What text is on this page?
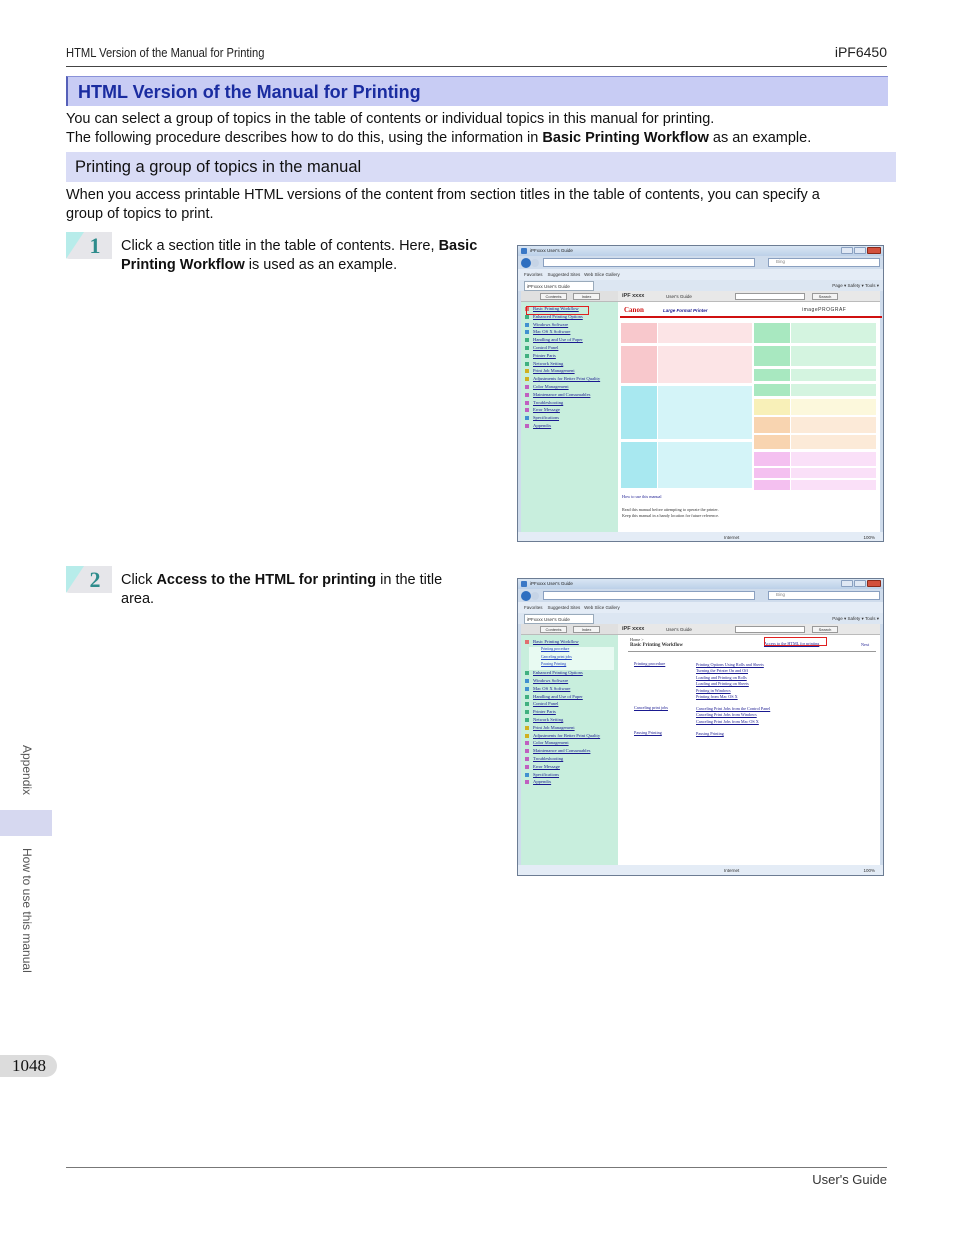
HTML Version of the Manual for Printing	iPF6450
HTML Version of the Manual for Printing
You can select a group of topics in the table of contents or individual topics in this manual for printing.
The following procedure describes how to do this, using the information in Basic Printing Workflow as an example.
Printing a group of topics in the manual
When you access printable HTML versions of the content from section titles in the table of contents, you can specify a
group of topics to print.
1	Click a section title in the table of contents. Here, Basic
Printing Workflow is used as an example.
2	Click Access to the HTML for printing in the title
area.
iPFxxxx User's Guide
Bing
Favorites Suggested Sites Web Slice Gallery
iPFxxxx User's Guide	Page ▾ Safety ▾ Tools ▾
Contents	Index
Basic Printing Workflow
Enhanced Printing Options
Windows Software
Mac OS X Software
Handling and Use of Paper
Control Panel
Printer Parts
Network Setting
Print Job Management
Adjustments for Better Print Quality
Color Management
Maintenance and Consumables
Troubleshooting
Error Message
Specifications
Appendix
iPF xxxx	User's Guide	Search
Canon	Large Format Printer	imagePROGRAF
How to use this manual
Read this manual before attempting to operate the printer.
Keep this manual in a handy location for future reference.
Internet	100%
iPFxxxx User's Guide
Bing
Favorites Suggested Sites Web Slice Gallery
iPFxxxx User's Guide	Page ▾ Safety ▾ Tools ▾
Contents	Index
Basic Printing Workflow
Printing procedure
Canceling print jobs
Pausing Printing
Enhanced Printing Options
Windows Software
Mac OS X Software
Handling and Use of Paper
Control Panel
Printer Parts
Network Setting
Print Job Management
Adjustments for Better Print Quality
Color Management
Maintenance and Consumables
Troubleshooting
Error Message
Specifications
Appendix
iPF xxxx	User's Guide	Search
Home >
Basic Printing Workflow	Access to the HTML for printing	Next
Printing procedure	Printing Options Using Rolls and Sheets
Turning the Printer On and Off
Loading and Printing on Rolls
Loading and Printing on Sheets
Printing in Windows
Printing from Mac OS X
Canceling print jobs	Canceling Print Jobs from the Control Panel
Canceling Print Jobs from Windows
Canceling Print Jobs from Mac OS X
Pausing Printing	Pausing Printing
Internet	100%
Appendix
How to use this manual
1048
User's Guide
